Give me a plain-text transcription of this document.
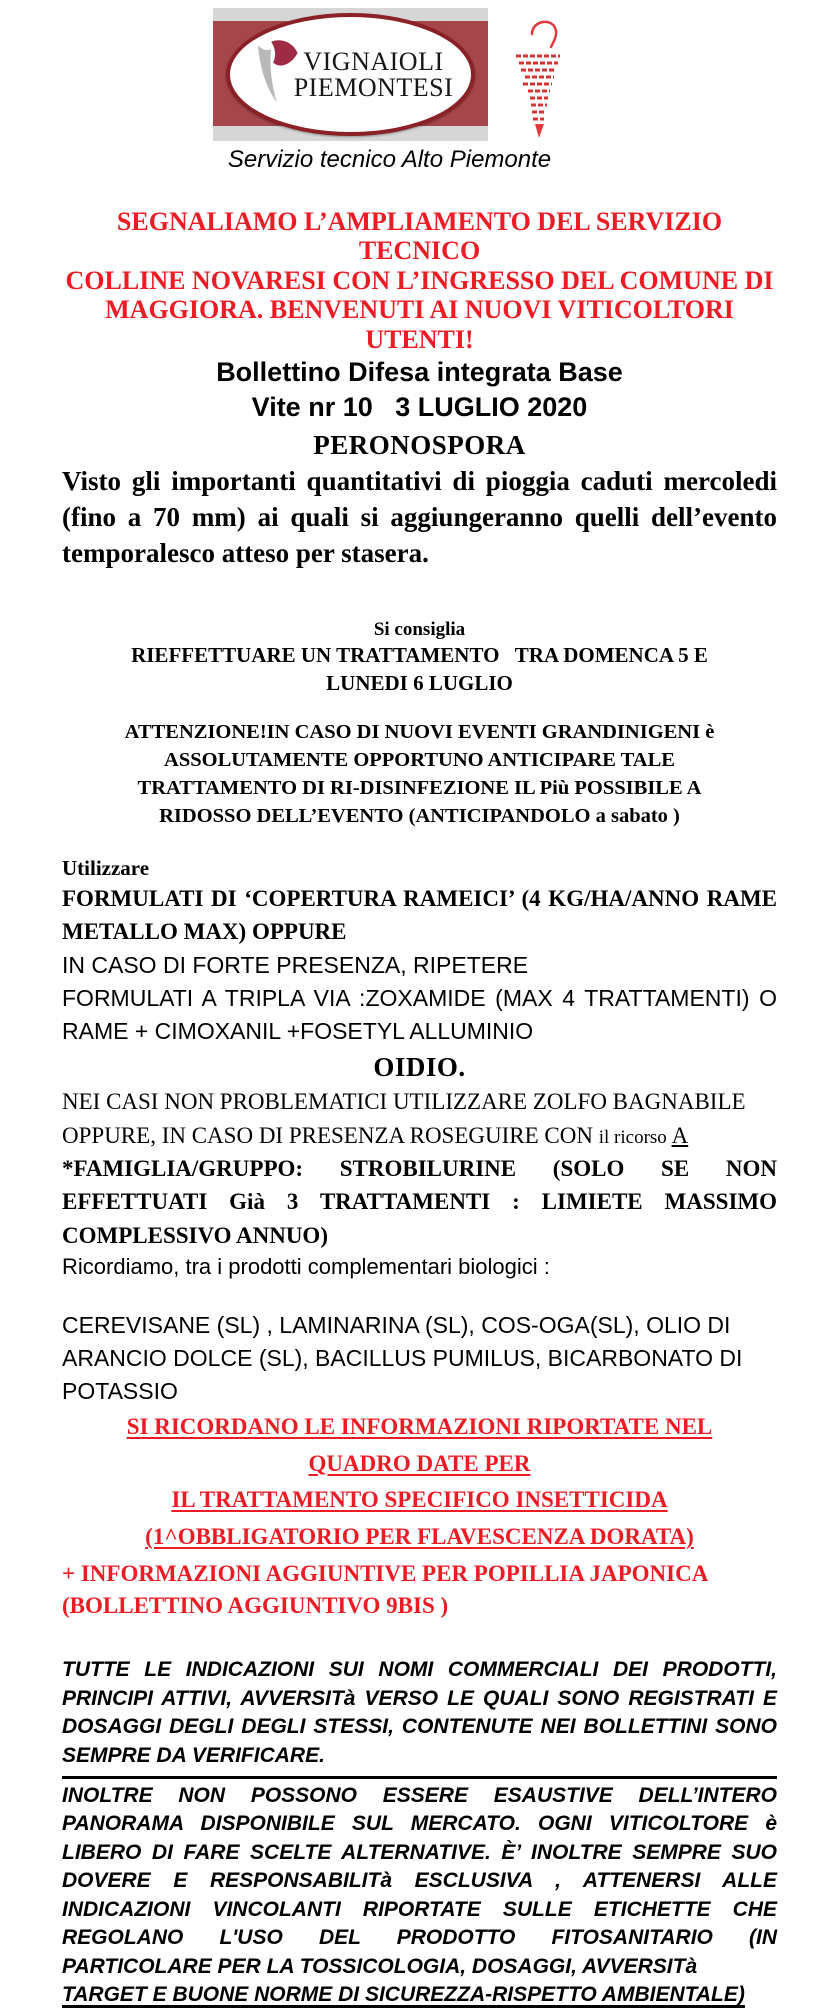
VIGNAIOLI
PIEMONTESI
Servizio tecnico Alto Piemonte
SEGNALIAMO L’AMPLIAMENTO DEL SERVIZIO TECNICO
COLLINE NOVARESI CON L’INGRESSO DEL COMUNE DI
MAGGIORA. BENVENUTI AI NUOVI VITICOLTORI UTENTI!
Bollettino Difesa integrata Base
Vite nr 10   3 LUGLIO 2020
PERONOSPORA
Visto gli importanti quantitativi di pioggia caduti mercoledi (fino a 70 mm) ai quali si aggiungeranno quelli dell’evento temporalesco atteso per stasera.
Si consiglia
RIEFFETTUARE UN TRATTAMENTO   TRA DOMENCA 5 E
LUNEDI 6 LUGLIO
ATTENZIONE!IN CASO DI NUOVI EVENTI GRANDINIGENI è
ASSOLUTAMENTE OPPORTUNO ANTICIPARE TALE
TRATTAMENTO DI RI-DISINFEZIONE IL Più POSSIBILE A
RIDOSSO DELL’EVENTO (ANTICIPANDOLO a sabato )
Utilizzare
FORMULATI DI ‘COPERTURA RAMEICI’ (4 KG/HA/ANNO RAME METALLO MAX) OPPURE
IN CASO DI FORTE PRESENZA, RIPETERE
FORMULATI A TRIPLA VIA :ZOXAMIDE (MAX 4 TRATTAMENTI) O RAME + CIMOXANIL +FOSETYL ALLUMINIO
OIDIO.
NEI CASI NON PROBLEMATICI UTILIZZARE ZOLFO BAGNABILE
OPPURE, IN CASO DI PRESENZA ROSEGUIRE CON il ricorso A
*FAMIGLIA/GRUPPO: STROBILURINE (SOLO SE NON EFFETTUATI Già 3 TRATTAMENTI : LIMIETE MASSIMO COMPLESSIVO ANNUO)
Ricordiamo, tra i prodotti complementari biologici :
CEREVISANE (SL) , LAMINARINA (SL), COS-OGA(SL), OLIO DI ARANCIO DOLCE (SL), BACILLUS PUMILUS, BICARBONATO DI POTASSIO
SI RICORDANO LE INFORMAZIONI RIPORTATE NEL
QUADRO DATE PER
IL TRATTAMENTO SPECIFICO INSETTICIDA
(1^OBBLIGATORIO PER FLAVESCENZA DORATA)
+ INFORMAZIONI AGGIUNTIVE PER POPILLIA JAPONICA
(BOLLETTINO AGGIUNTIVO 9BIS )
TUTTE LE INDICAZIONI SUI NOMI COMMERCIALI DEI PRODOTTI, PRINCIPI ATTIVI, AVVERSITà VERSO LE QUALI SONO REGISTRATI E DOSAGGI DEGLI DEGLI STESSI, CONTENUTE NEI BOLLETTINI SONO SEMPRE DA VERIFICARE.
INOLTRE NON POSSONO ESSERE ESAUSTIVE DELL’INTERO PANORAMA DISPONIBILE SUL MERCATO. OGNI VITICOLTORE è LIBERO DI FARE SCELTE ALTERNATIVE. È’ INOLTRE SEMPRE SUO DOVERE E RESPONSABILITà ESCLUSIVA , ATTENERSI ALLE INDICAZIONI VINCOLANTI RIPORTATE SULLE ETICHETTE CHE REGOLANO L'USO DEL PRODOTTO FITOSANITARIO (IN PARTICOLARE PER LA TOSSICOLOGIA, DOSAGGI, AVVERSITà
TARGET E BUONE NORME DI SICUREZZA-RISPETTO AMBIENTALE)
